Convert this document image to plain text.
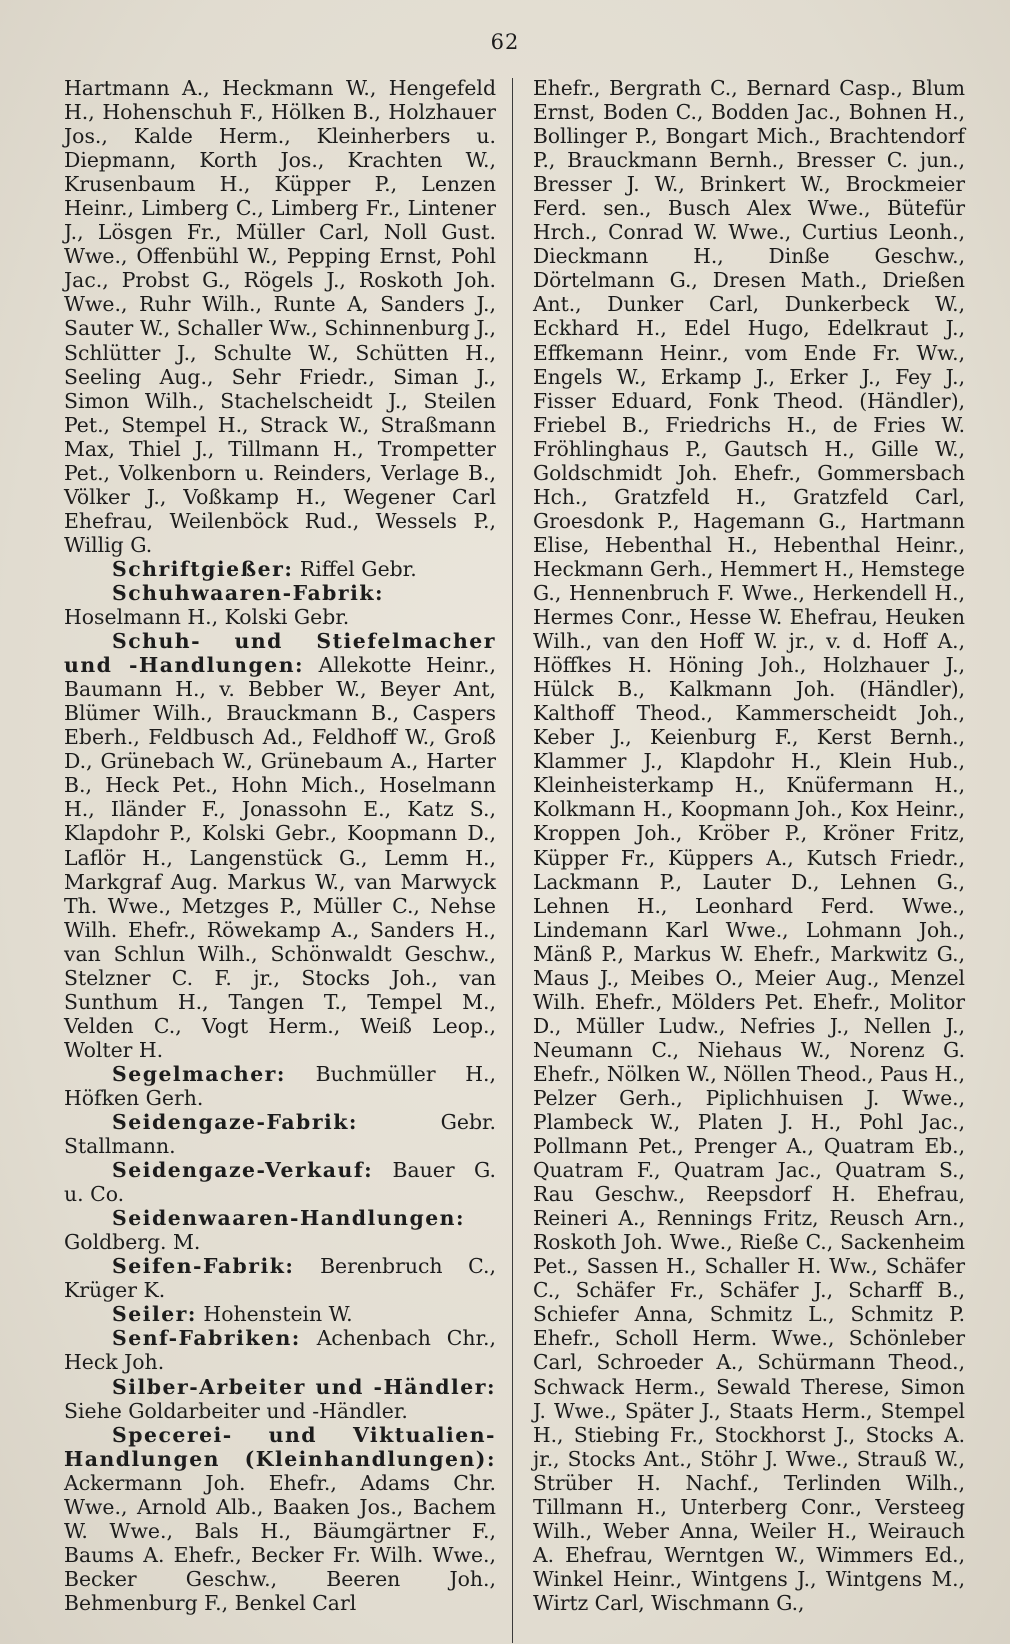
62

Hartmann A., Heckmann W., Hengefeld H., Hohenschuh F., Hölken B., Holzhauer Jos., Kalde Herm., Kleinherbers u. Diepmann, Korth Jos., Krachten W., Krusenbaum H., Küpper P., Lenzen Heinr., Limberg C., Limberg Fr., Lintener J., Lösgen Fr., Müller Carl, Noll Gust. Wwe., Offenbühl W., Pepping Ernst, Pohl Jac., Probst G., Rögels J., Roskoth Joh. Wwe., Ruhr Wilh., Runte A, Sanders J., Sauter W., Schaller Ww., Schinnenburg J., Schlütter J., Schulte W., Schütten H., Seeling Aug., Sehr Friedr., Siman J., Simon Wilh., Stachelscheidt J., Steilen Pet., Stempel H., Strack W., Straßmann Max, Thiel J., Tillmann H., Trompetter Pet., Volkenborn u. Reinders, Verlage B., Völker J., Voßkamp H., Wegener Carl Ehefrau, Weilenböck Rud., Wessels P., Willig G.

Schriftgießer: Riffel Gebr.

Schuhwaaren-Fabrik: Hoselmann H., Kolski Gebr.

Schuh- und Stiefelmacher und -Handlungen: Allekotte Heinr., Baumann H., v. Bebber W., Beyer Ant, Blümer Wilh., Brauckmann B., Caspers Eberh., Feldbusch Ad., Feldhoff W., Groß D., Grünebach W., Grünebaum A., Harter B., Heck Pet., Hohn Mich., Hoselmann H., Iländer F., Jonassohn E., Katz S., Klapdohr P., Kolski Gebr., Koopmann D., Laflör H., Langenstück G., Lemm H., Markgraf Aug. Markus W., van Marwyck Th. Wwe., Metzges P., Müller C., Nehse Wilh. Ehefr., Röwekamp A., Sanders H., van Schlun Wilh., Schönwaldt Geschw., Stelzner C. F. jr., Stocks Joh., van Sunthum H., Tangen T., Tempel M., Velden C., Vogt Herm., Weiß Leop., Wolter H.

Segelmacher: Buchmüller H., Höfken Gerh.

Seidengaze-Fabrik:	Gebr. Stallmann.

Seidengaze-Verkauf: Bauer G. u. Co.

Seidenwaaren-Handlungen: Goldberg. M.

Seifen-Fabrik: Berenbruch C., Krüger K.

Seiler: Hohenstein W.

Senf-Fabriken: Achenbach Chr., Heck Joh.

Silber-Arbeiter und -Händler: Siehe Goldarbeiter und -Händler.

Specerei- und Viktualien-Handlungen (Kleinhandlungen): Ackermann Joh. Ehefr., Adams Chr. Wwe., Arnold Alb., Baaken Jos., Bachem W. Wwe., Bals H., Bäumgärtner F., Baums A. Ehefr., Becker Fr. Wilh. Wwe., Becker Geschw., Beeren Joh., Behmenburg F., Benkel Carl

Ehefr., Bergrath C., Bernard Casp., Blum Ernst, Boden C., Bodden Jac., Bohnen H., Bollinger P., Bongart Mich., Brachtendorf P., Brauckmann Bernh., Bresser C. jun., Bresser J. W., Brinkert W., Brockmeier Ferd. sen., Busch Alex Wwe., Bütefür Hrch., Conrad W. Wwe., Curtius Leonh., Dieckmann H., Dinße Geschw., Dörtelmann G., Dresen Math., Drießen Ant., Dunker Carl, Dunkerbeck W., Eckhard H., Edel Hugo, Edelkraut J., Effkemann Heinr., vom Ende Fr. Ww., Engels W., Erkamp J., Erker J., Fey J., Fisser Eduard, Fonk Theod. (Händler), Friebel B., Friedrichs H., de Fries W. Fröhlinghaus P., Gautsch H., Gille W., Goldschmidt Joh. Ehefr., Gommersbach Hch., Gratzfeld H., Gratzfeld Carl, Groesdonk P., Hagemann G., Hartmann Elise, Hebenthal H., Hebenthal Heinr., Heckmann Gerh., Hemmert H., Hemstege G., Hennenbruch F. Wwe., Herkendell H., Hermes Conr., Hesse W. Ehefrau, Heuken Wilh., van den Hoff W. jr., v. d. Hoff A., Höffkes H. Höning Joh., Holzhauer J., Hülck B., Kalkmann Joh. (Händler), Kalthoff Theod., Kammerscheidt Joh., Keber J., Keienburg F., Kerst Bernh., Klammer J., Klapdohr H., Klein Hub., Kleinheisterkamp H., Knüfermann H., Kolkmann H., Koopmann Joh., Kox Heinr., Kroppen Joh., Kröber P., Kröner Fritz, Küpper Fr., Küppers A., Kutsch Friedr., Lackmann P., Lauter D., Lehnen G., Lehnen H., Leonhard Ferd. Wwe., Lindemann Karl Wwe., Lohmann Joh., Mänß P., Markus W. Ehefr., Markwitz G., Maus J., Meibes O., Meier Aug., Menzel Wilh. Ehefr., Mölders Pet. Ehefr., Molitor D., Müller Ludw., Nefries J., Nellen J., Neumann C., Niehaus W., Norenz G. Ehefr., Nölken W., Nöllen Theod., Paus H., Pelzer Gerh., Piplichhuisen J. Wwe., Plambeck W., Platen J. H., Pohl Jac., Pollmann Pet., Prenger A., Quatram Eb., Quatram F., Quatram Jac., Quatram S., Rau Geschw., Reepsdorf H. Ehefrau, Reineri A., Rennings Fritz, Reusch Arn., Roskoth Joh. Wwe., Rieße C., Sackenheim Pet., Sassen H., Schaller H. Ww., Schäfer C., Schäfer Fr., Schäfer J., Scharff B., Schiefer Anna, Schmitz L., Schmitz P. Ehefr., Scholl Herm. Wwe., Schönleber Carl, Schroeder A., Schürmann Theod., Schwack Herm., Sewald Therese, Simon J. Wwe., Später J., Staats Herm., Stempel H., Stiebing Fr., Stockhorst J., Stocks A. jr., Stocks Ant., Stöhr J. Wwe., Strauß W., Strüber H. Nachf., Terlinden Wilh., Tillmann H., Unterberg Conr., Versteeg Wilh., Weber Anna, Weiler H., Weirauch A. Ehefrau, Werntgen W., Wimmers Ed., Winkel Heinr., Wintgens J., Wintgens M., Wirtz Carl, Wischmann G.,
